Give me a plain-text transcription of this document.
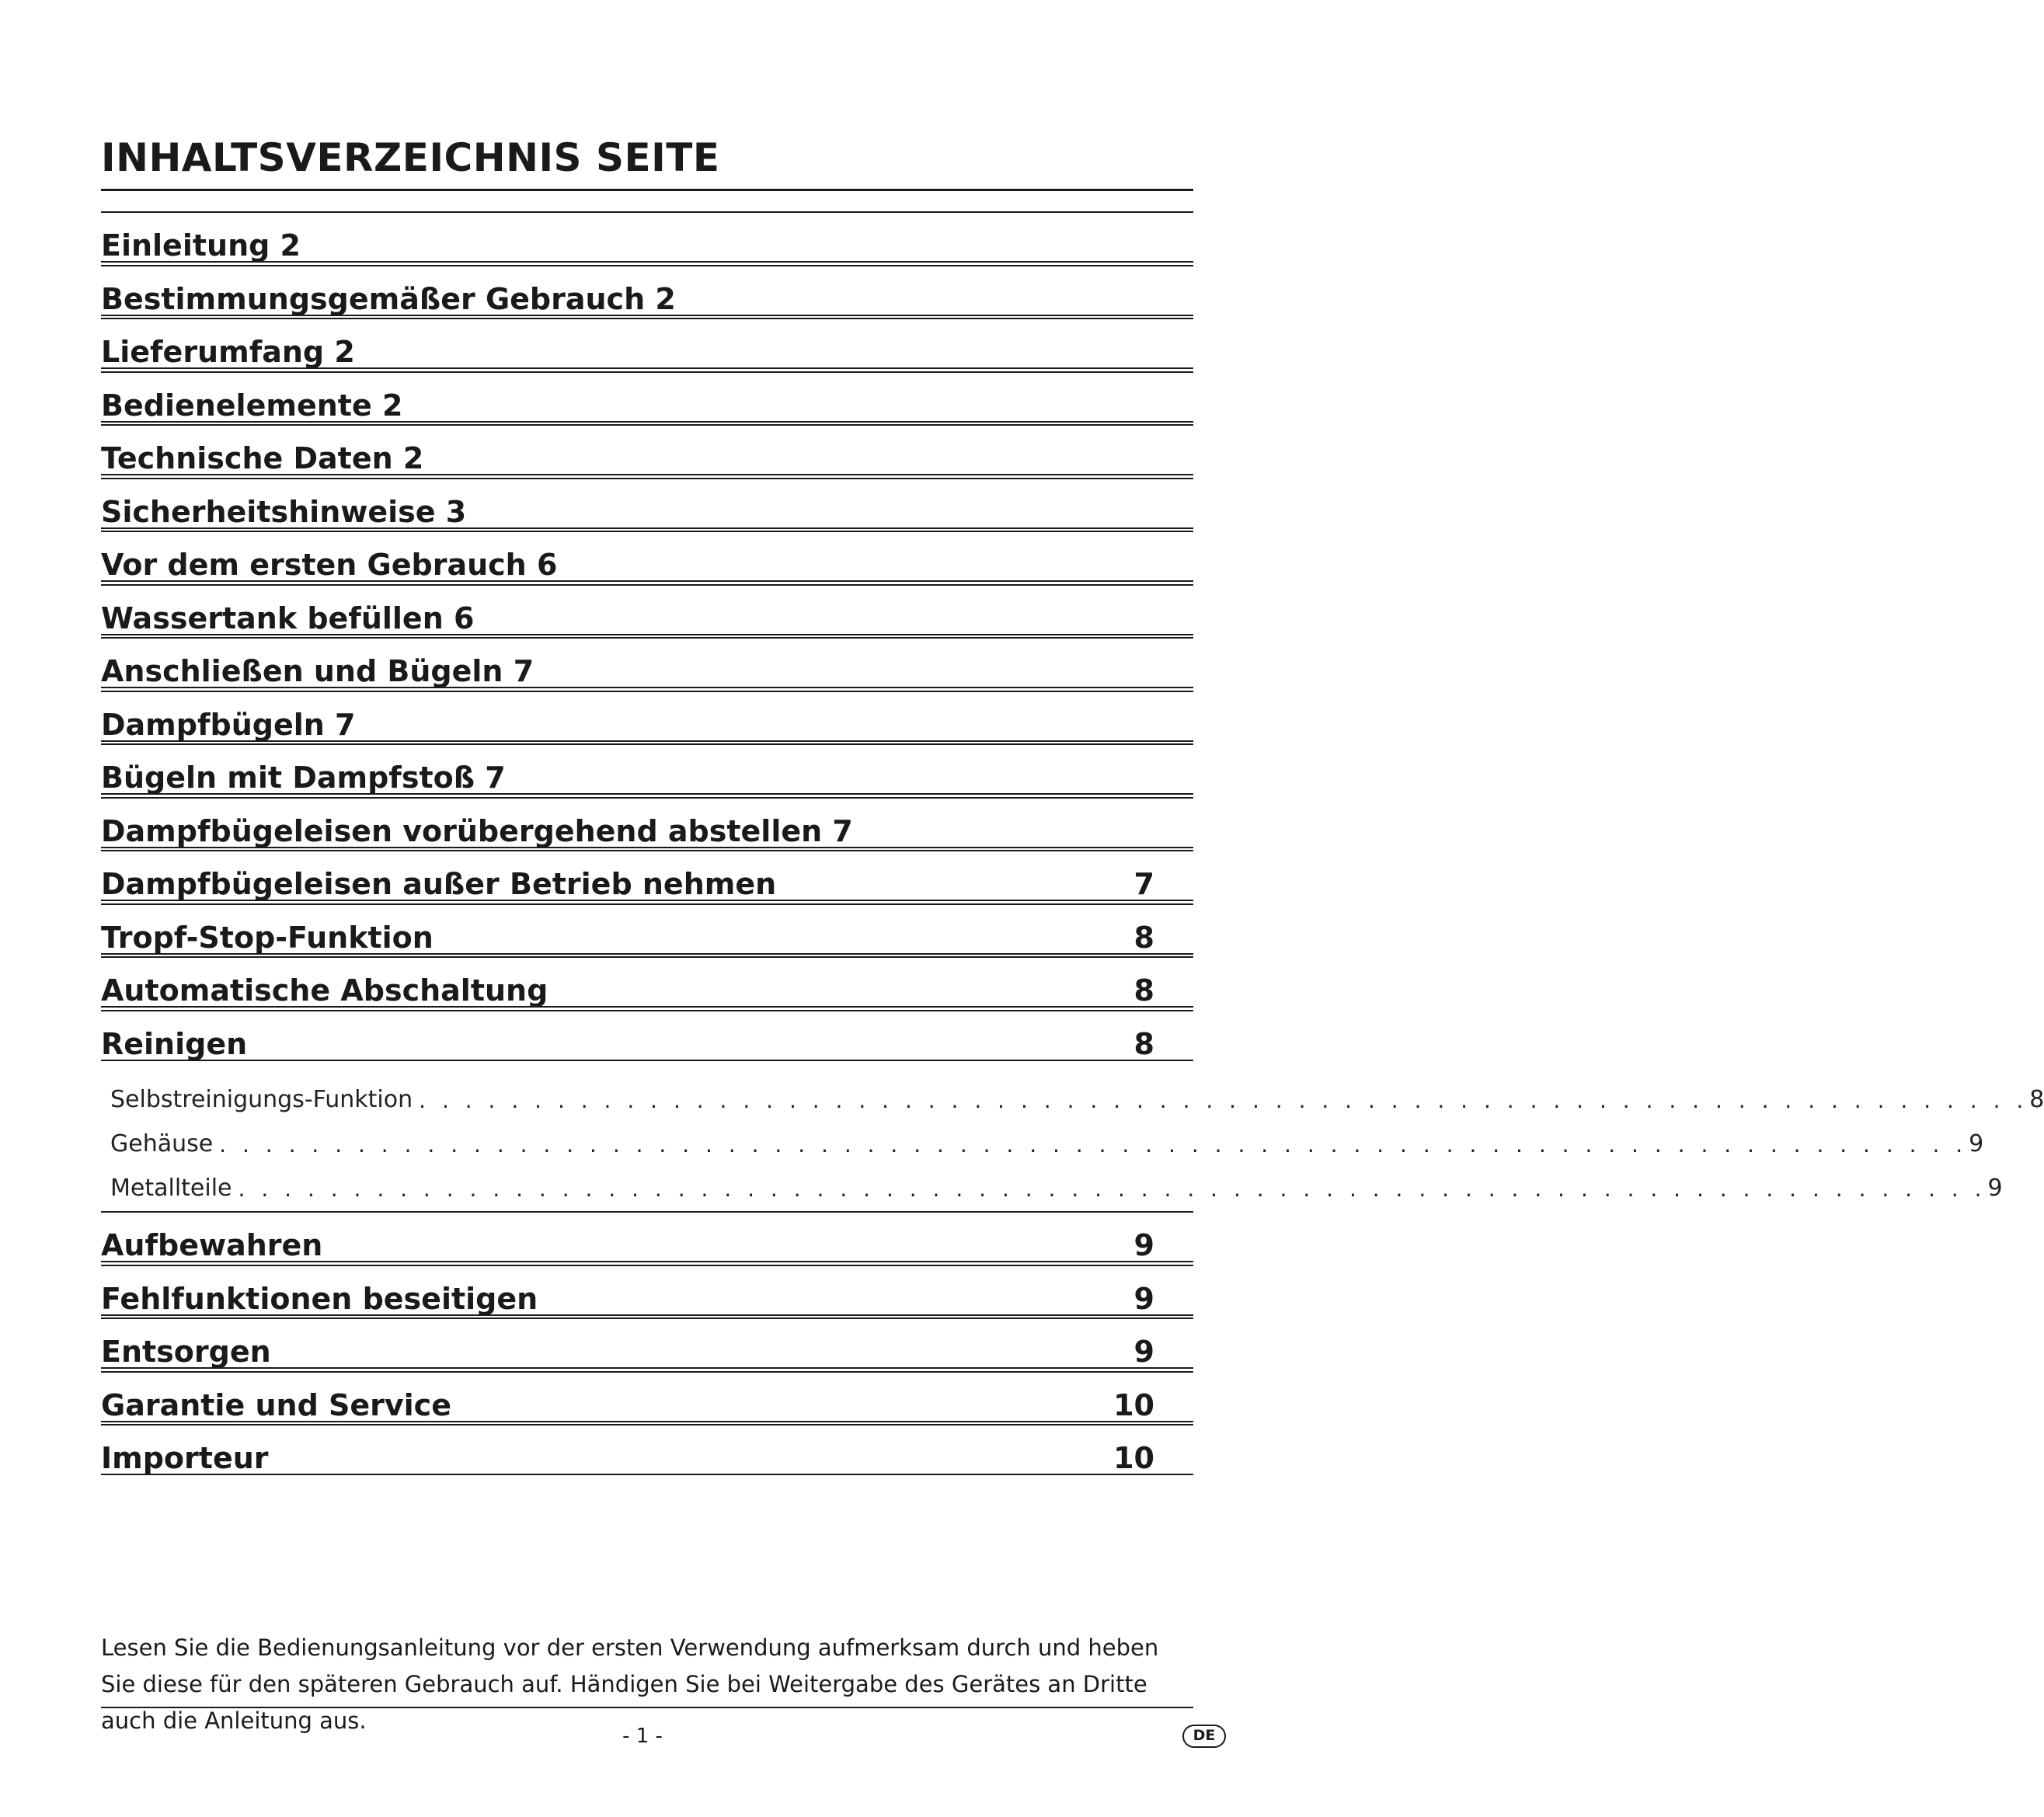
INHALTSVERZEICHNIS SEITE
Einleitung 2
Bestimmungsgemäßer Gebrauch 2
Lieferumfang 2
Bedienelemente 2
Technische Daten 2
Sicherheitshinweise 3
Vor dem ersten Gebrauch 6
Wassertank befüllen 6
Anschließen und Bügeln 7
Dampfbügeln 7
Bügeln mit Dampfstoß 7
Dampfbügeleisen vorübergehend abstellen 7
Dampfbügeleisen außer Betrieb nehmen	7
Tropf-Stop-Funktion	8
Automatische Abschaltung	8
Reinigen	8
Selbstreinigungs-Funktion . . . . . . . . . . . . . . . . . . . . . . . . . . . . . . . . . . . . . . . . . . . . . . . . . . . . . . . . . . . . . . . . . . . . . . 8
Gehäuse . . . . . . . . . . . . . . . . . . . . . . . . . . . . . . . . . . . . . . . . . . . . . . . . . . . . . . . . . . . . . . . . . . . . . . . . . . . . 9
Metallteile . . . . . . . . . . . . . . . . . . . . . . . . . . . . . . . . . . . . . . . . . . . . . . . . . . . . . . . . . . . . . . . . . . . . . . . . . . . . 9
Aufbewahren	9
Fehlfunktionen beseitigen	9
Entsorgen	9
Garantie und Service	10
Importeur	10

Lesen Sie die Bedienungsanleitung vor der ersten Verwendung aufmerksam durch und heben Sie diese für den späteren Gebrauch auf. Händigen Sie bei Weitergabe des Gerätes an Dritte auch die Anleitung aus.

- 1 -	DE
